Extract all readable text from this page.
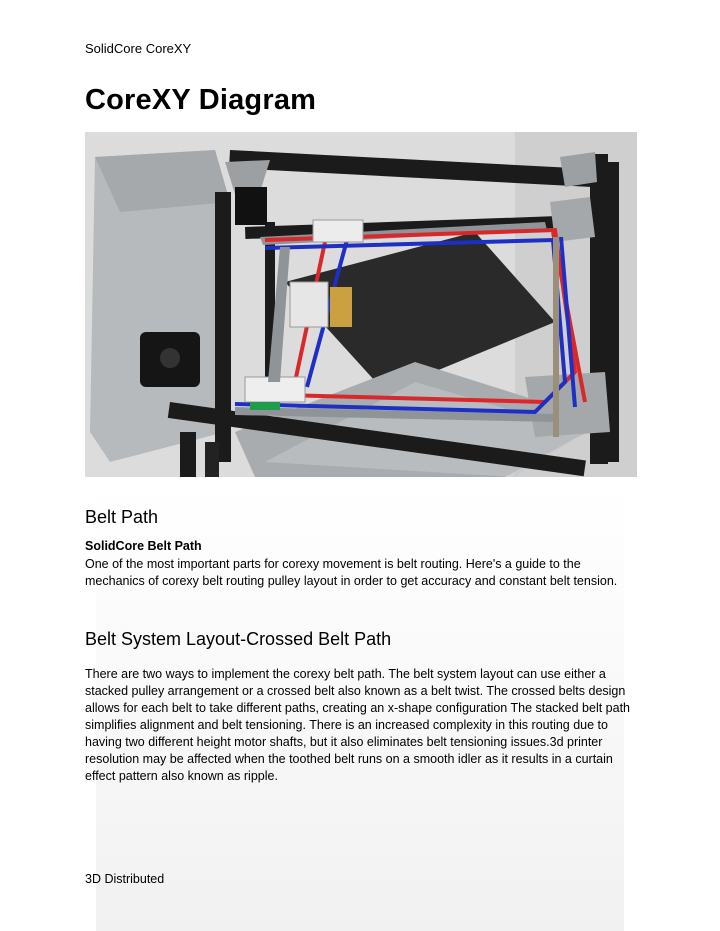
SolidCore CoreXY
CoreXY Diagram
Belt Path
SolidCore Belt Path

One of the most important parts for corexy movement is belt routing. Here's a guide to the mechanics of corexy belt routing pulley layout in order to get accuracy and constant belt tension.

Belt System Layout-Crossed Belt Path

There are two ways to implement the corexy belt path. The belt system layout can use either a stacked pulley arrangement or a crossed belt also known as a belt twist. The crossed belts design allows for each belt to take different paths, creating an x-shape configuration The stacked belt path simplifies alignment and belt tensioning. There is an increased complexity in this routing due to having two different height motor shafts, but it also eliminates belt tensioning issues.3d printer resolution may be affected when the toothed belt runs on a smooth idler as it results in a curtain effect pattern also known as ripple.

3D Distributed
